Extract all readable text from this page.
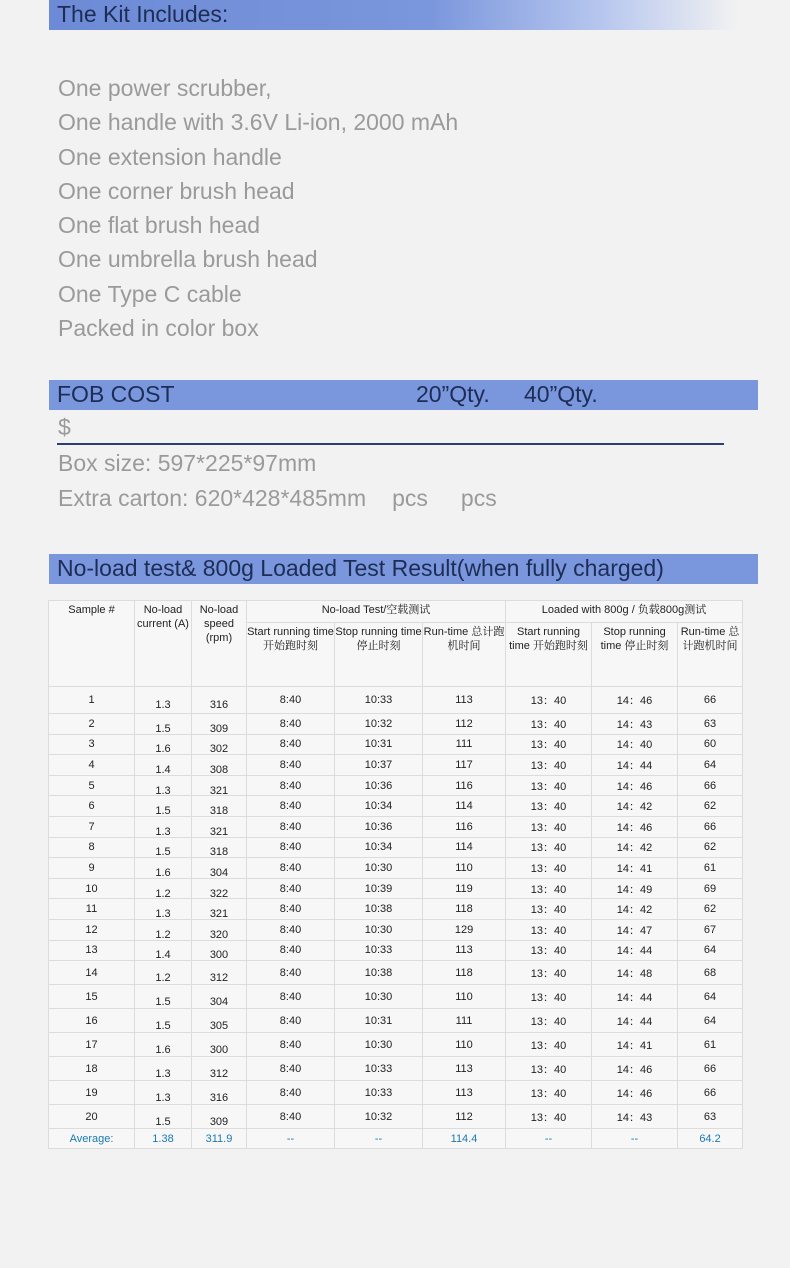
The Kit Includes:
One power scrubber,
One handle with 3.6V Li-ion, 2000 mAh
One extension handle
One corner brush head
One flat brush head
One umbrella brush head
One Type C cable
Packed in color box
FOB COST	20”Qty. 40”Qty.
$
Box size: 597*225*97mm
Extra carton: 620*428*485mm pcs pcs
No-load test& 800g Loaded Test Result(when fully charged)
Sample #	No-load current (A)	No-load speed (rpm)	No-load Test/空载测试			Loaded with 800g / 负载800g测试		
			Start running time 开始跑时刻	Stop running time 停止时刻	Run-time 总计跑机时间	Start running time 开始跑时刻	Stop running time 停止时刻	Run-time 总计跑机时间
1	1.3	316	8:40	10:33	113	13：40	14：46	66
2	1.5	309	8:40	10:32	112	13：40	14：43	63
3	1.6	302	8:40	10:31	111	13：40	14：40	60
4	1.4	308	8:40	10:37	117	13：40	14：44	64
5	1.3	321	8:40	10:36	116	13：40	14：46	66
6	1.5	318	8:40	10:34	114	13：40	14：42	62
7	1.3	321	8:40	10:36	116	13：40	14：46	66
8	1.5	318	8:40	10:34	114	13：40	14：42	62
9	1.6	304	8:40	10:30	110	13：40	14：41	61
10	1.2	322	8:40	10:39	119	13：40	14：49	69
11	1.3	321	8:40	10:38	118	13：40	14：42	62
12	1.2	320	8:40	10:30	129	13：40	14：47	67
13	1.4	300	8:40	10:33	113	13：40	14：44	64
14	1.2	312	8:40	10:38	118	13：40	14：48	68
15	1.5	304	8:40	10:30	110	13：40	14：44	64
16	1.5	305	8:40	10:31	111	13：40	14：44	64
17	1.6	300	8:40	10:30	110	13：40	14：41	61
18	1.3	312	8:40	10:33	113	13：40	14：46	66
19	1.3	316	8:40	10:33	113	13：40	14：46	66
20	1.5	309	8:40	10:32	112	13：40	14：43	63
Average:	1.38	311.9	--	--	114.4	--	--	64.2
